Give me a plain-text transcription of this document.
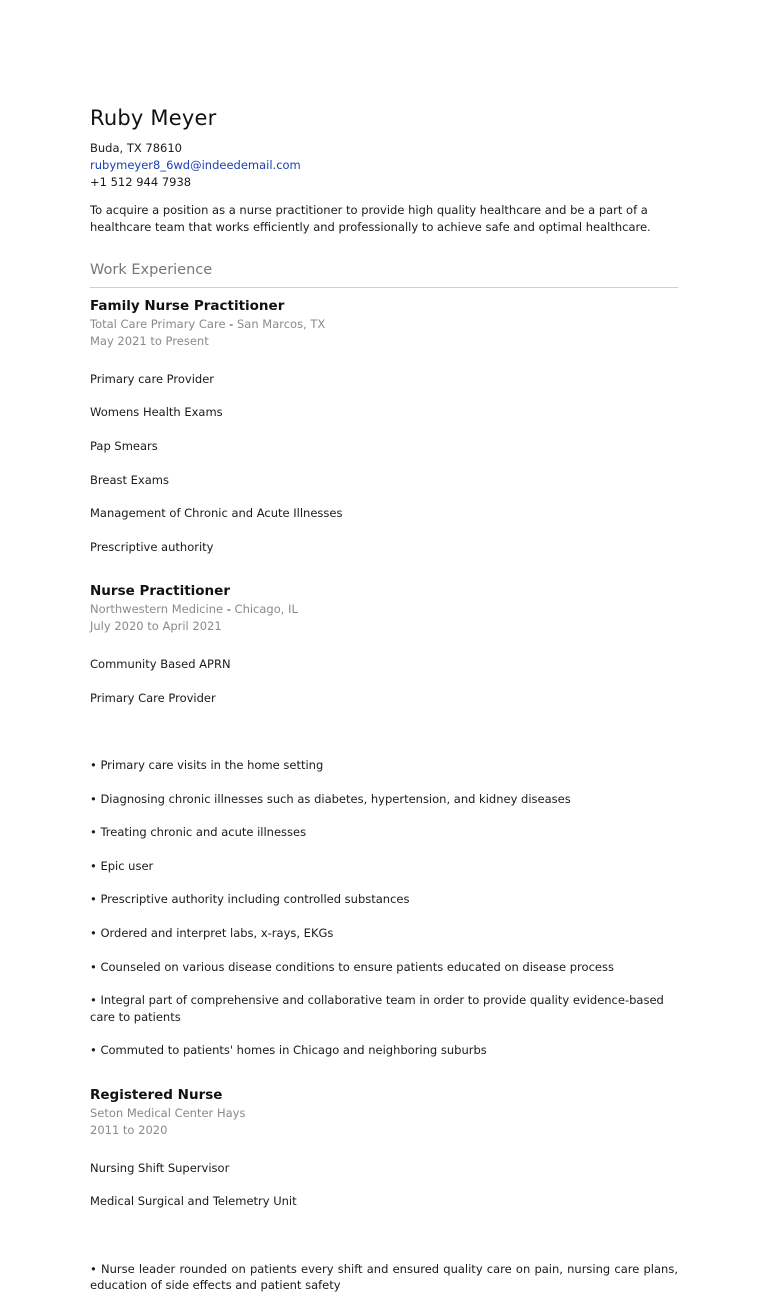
Ruby Meyer
Buda, TX 78610
rubymeyer8_6wd@indeedemail.com
+1 512 944 7938

To acquire a position as a nurse practitioner to provide high quality healthcare and be a part of a healthcare team that works efficiently and professionally to achieve safe and optimal healthcare.

Work Experience
Family Nurse Practitioner
Total Care Primary Care - San Marcos, TX
May 2021 to Present

Primary care Provider

Womens Health Exams

Pap Smears

Breast Exams

Management of Chronic and Acute Illnesses

Prescriptive authority

Nurse Practitioner
Northwestern Medicine - Chicago, IL
July 2020 to April 2021

Community Based APRN

Primary Care Provider

• Primary care visits in the home setting

• Diagnosing chronic illnesses such as diabetes, hypertension, and kidney diseases

• Treating chronic and acute illnesses

• Epic user

• Prescriptive authority including controlled substances

• Ordered and interpret labs, x-rays, EKGs

• Counseled on various disease conditions to ensure patients educated on disease process

• Integral part of comprehensive and collaborative team in order to provide quality evidence-based care to patients

• Commuted to patients' homes in Chicago and neighboring suburbs

Registered Nurse
Seton Medical Center Hays
2011 to 2020

Nursing Shift Supervisor

Medical Surgical and Telemetry Unit

• Nurse leader rounded on patients every shift and ensured quality care on pain, nursing care plans, education of side effects and patient safety
